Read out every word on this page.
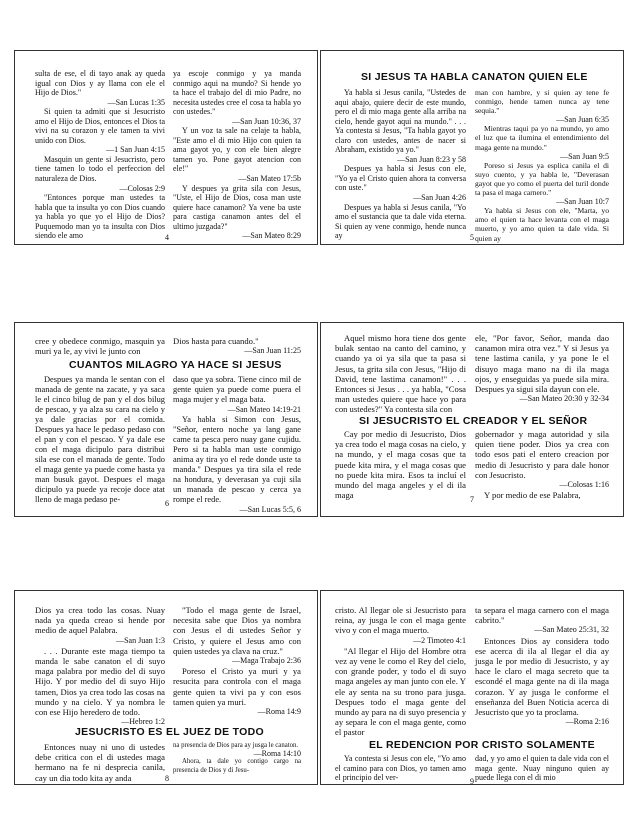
sulta de ese, el di tayo anak ay queda igual con Dios y ay llama con ele el Hijo de Dios."

—San Lucas 1:35

Si quien ta admiti que si Jesucristo amo el Hijo de Dios, entonces el Dios ta vivi na su corazon y ele tamen ta vivi unido con Dios.

—1 San Juan 4:15

Masquin un gente si Jesucristo, pero tiene tamen lo todo el perfeccion del naturaleza de Dios.

—Colosas 2:9

"Entonces porque man ustedes ta habla que ta insulta yo con Dios cuando ya habla yo que yo el Hijo de Dios? Puquemodo man yo ta insulta con Dios siendo ele amo

ya escoje conmigo y ya manda conmigo aqui na mundo? Si hende yo ta hace el trabajo del di mio Padre, no necesita ustedes cree el cosa ta habla yo con ustedes."

—San Juan 10:36, 37

Y un voz ta sale na celaje ta habla, "Este amo el di mio Hijo con quien ta ama gayot yo, y con ele bien alegre tamen yo. Pone gayot atencion con ele!"

—San Mateo 17:5b

Y despues ya grita sila con Jesus, "Uste, el Hijo de Dios, cosa man uste quiere hace canamon? Ya vene ba uste para castiga canamon antes del el ultimo juzgada?"

—San Mateo 8:29
4
SI JESUS TA HABLA CANATON QUIEN ELE

Ya habla si Jesus canila, "Ustedes de aqui abajo, quiere decir de este mundo, pero el di mio maga gente alla arriba na cielo, hende gayot aqui na mundo." . . . Ya contesta si Jesus, "Ta habla gayot yo claro con ustedes, antes de nacer si Abraham, existido ya yo."

—San Juan 8:23 y 58

Despues ya habla si Jesus con ele, "Yo ya el Cristo quien ahora ta conversa con uste."

—San Juan 4:26

Despues ya habla si Jesus canila, "Yo amo el sustancia que ta dale vida eterna. Si quien ay vene conmigo, hende nunca ay

man con hambre, y si quien ay tene fe conmigo, hende tamen nunca ay tene sequia."

—San Juan 6:35

Mientras taqui pa yo na mundo, yo amo el luz que ta ilumina el entendimiento del maga gente na mundo."

—San Juan 9:5

Poreso si Jesus ya esplica canila el di suyo cuento, y ya habla le, "Deverasan gayot que yo como el puerta del turil donde ta pasa el maga carnero."

—San Juan 10:7

Ya habla si Jesus con ele, "Marta, yo amo el quien ta hace levanta con el maga muerto, y yo amo quien ta dale vida. Si quien ay

5

cree y obedece conmigo, masquin ya muri ya le, ay vivi le junto con

Dios hasta para cuando."

—San Juan 11:25
CUANTOS MILAGRO YA HACE SI JESUS

Despues ya manda le sentan con el manada de gente na zacate, y ya saca le el cinco bilug de pan y el dos bilug de pescao, y ya alza su cara na cielo y ya dale gracias por el comida. Despues ya hace le pedaso pedaso con el pan y con el pescao. Y ya dale ese con el maga dicipulo para distribui sila ese con el manada de gente. Todo el maga gente ya puede come hasta ya man busuk gayot. Despues el maga dicipulo ya puede ya recoje doce atat lleno de maga pedaso pe-

daso que ya sobra. Tiene cinco mil de gente quien ya puede come puera el maga mujer y el maga bata.

—San Mateo 14:19-21

Ya habla si Simon con Jesus, "Señor, entero noche ya lang gane came ta pesca pero nuay gane cujidu. Pero si ta habla man uste conmigo anima ay tira yo el rede donde uste ta manda." Despues ya tira sila el rede na hondura, y deverasan ya cuji sila un manada de pescao y cerca ya rompe el rede.

—San Lucas 5:5, 6
6

Aquel mismo hora tiene dos gente bulak sentao na canto del camino, y cuando ya oi ya sila que ta pasa si Jesus, ta grita sila con Jesus, "Hijo di David, tene lastima canamon!" . . . Entonces si Jesus . . . ya habla, "Cosa man ustedes quiere que hace yo para con ustedes?" Ya contesta sila con

ele, "Por favor, Señor, manda dao canamon mira otra vez." Y si Jesus ya tene lastima canila, y ya pone le el disuyo maga mano na di ila maga ojos, y enseguidas ya puede sila mira. Despues ya sigui sila dayun con ele.

—San Mateo 20:30 y 32-34
SI JESUCRISTO EL CREADOR Y EL SEÑOR

Cay por medio di Jesucristo, Dios ya crea todo el maga cosas na cielo, y na mundo, y el maga cosas que ta puede kita mira, y el maga cosas que no puede kita mira. Esos ta incluí el mundo del maga angeles y el di ila maga

gobernador y maga autoridad y sila quien tiene poder. Dios ya crea con todo esos pati el entero creacion por medio di Jesucristo y para dale honor con Jesucristo.

—Colosas 1:16

Y por medio de ese Palabra,

7

Dios ya crea todo las cosas. Nuay nada ya queda creao si hende por medio de aquel Palabra.

—San Juan 1:3

. . . Durante este maga tiempo ta manda le sabe canaton el di suyo maga palabra por medio del di suyo Hijo. Y por medio del di suyo Hijo tamen, Dios ya crea todo las cosas na mundo y na cielo. Y ya nombra le con ese Hijo heredero de todo.

—Hebreo 1:2

"Todo el maga gente de Israel, necesita sabe que Dios ya nombra con Jesus el di ustedes Señor y Cristo, y quiere el Jesus amo con quien ustedes ya clava na cruz."

—Maga Trabajo 2:36

Poreso el Cristo ya muri y ya resucita para controla con el maga gente quien ta vivi pa y con esos tamen quien ya muri.

—Roma 14:9
JESUCRISTO ES EL JUEZ DE TODO

Entonces nuay ni uno di ustedes debe critica con el di ustedes maga hermano na fe ni desprecia canila, cay un dia todo kita ay anda

na presencia de Dios para ay jusga le canaton.

—Roma 14:10

Ahora, ta dale yo contigo cargo na presencia de Dios y di Jesu-

8

cristo. Al llegar ole si Jesucristo para reina, ay jusga le con el maga gente vivo y con el maga muerto.

—2 Timoteo 4:1

"Al llegar el Hijo del Hombre otra vez ay vene le como el Rey del cielo, con grande poder, y todo el di suyo maga angeles ay man junto con ele. Y ele ay senta na su trono para jusga. Despues todo el maga gente del mundo ay para na di suyo presencia y ay separa le con el maga gente, como el pastor

ta separa el maga carnero con el maga cabrito."

—San Mateo 25:31, 32

Entonces Dios ay considera todo ese acerca di ila al llegar el dia ay jusga le por medio di Jesucristo, y ay hace le claro el maga secreto que ta escondé el maga gente na di ila maga corazon. Y ay jusga le conforme el enseñanza del Buen Noticia acerca di Jesucristo que yo ta proclama.

—Roma 2:16
EL REDENCION POR CRISTO SOLAMENTE

Ya contesta si Jesus con ele, "Yo amo el camino para con Dios, yo tamen amo el principio del ver-

dad, y yo amo el quien ta dale vida con el maga gente. Nuay ninguno quien ay puede llega con el di mio

9
